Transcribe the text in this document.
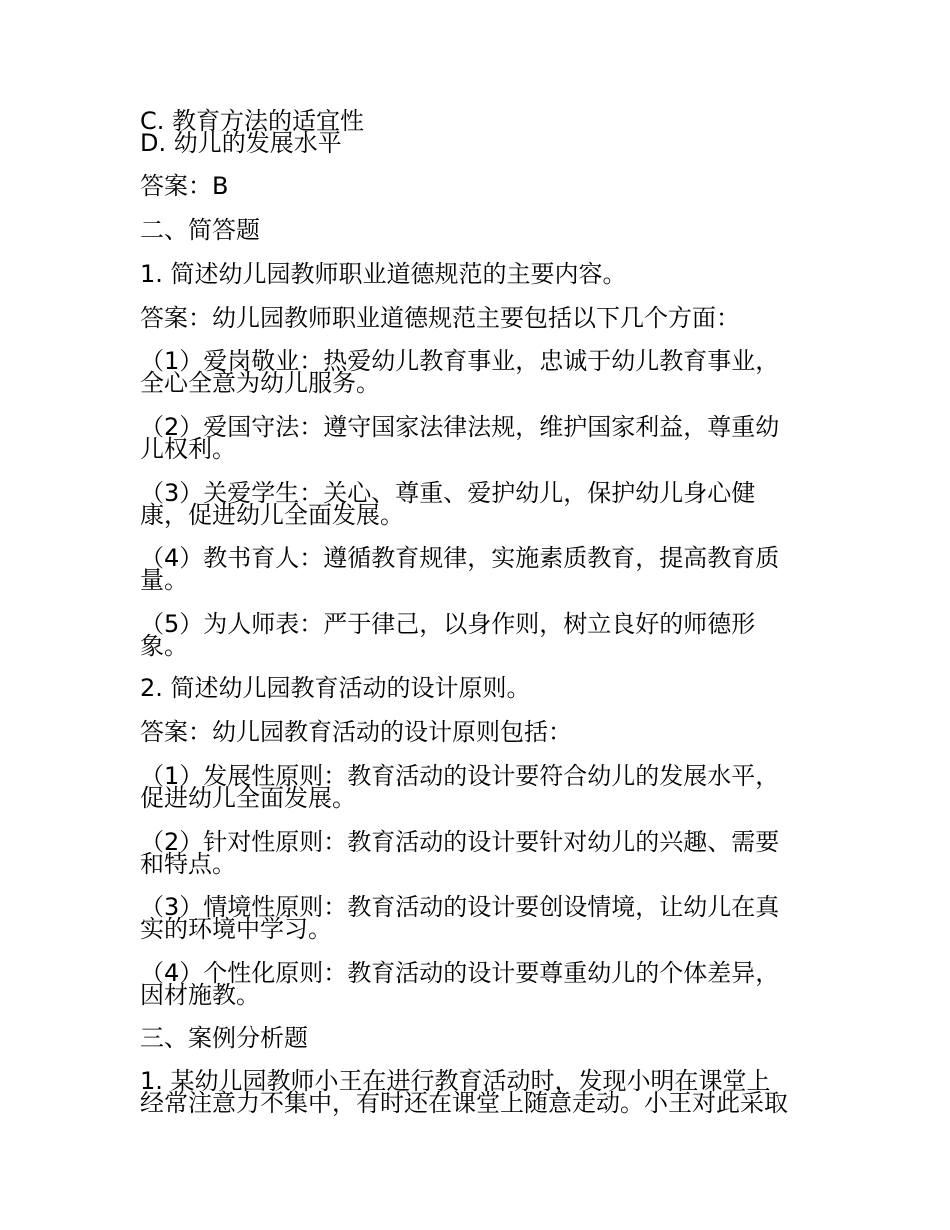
C. 教育方法的适宜性
D. 幼儿的发展水平
答案：B
二、简答题
1. 简述幼儿园教师职业道德规范的主要内容。
答案：幼儿园教师职业道德规范主要包括以下几个方面：
（1）爱岗敬业：热爱幼儿教育事业，忠诚于幼儿教育事业，
全心全意为幼儿服务。
（2）爱国守法：遵守国家法律法规，维护国家利益，尊重幼
儿权利。
（3）关爱学生：关心、尊重、爱护幼儿，保护幼儿身心健
康，促进幼儿全面发展。
（4）教书育人：遵循教育规律，实施素质教育，提高教育质
量。
（5）为人师表：严于律己，以身作则，树立良好的师德形
象。
2. 简述幼儿园教育活动的设计原则。
答案：幼儿园教育活动的设计原则包括：
（1）发展性原则：教育活动的设计要符合幼儿的发展水平，
促进幼儿全面发展。
（2）针对性原则：教育活动的设计要针对幼儿的兴趣、需要
和特点。
（3）情境性原则：教育活动的设计要创设情境，让幼儿在真
实的环境中学习。
（4）个性化原则：教育活动的设计要尊重幼儿的个体差异，
因材施教。
三、案例分析题
1. 某幼儿园教师小王在进行教育活动时，发现小明在课堂上
经常注意力不集中，有时还在课堂上随意走动。小王对此采取
